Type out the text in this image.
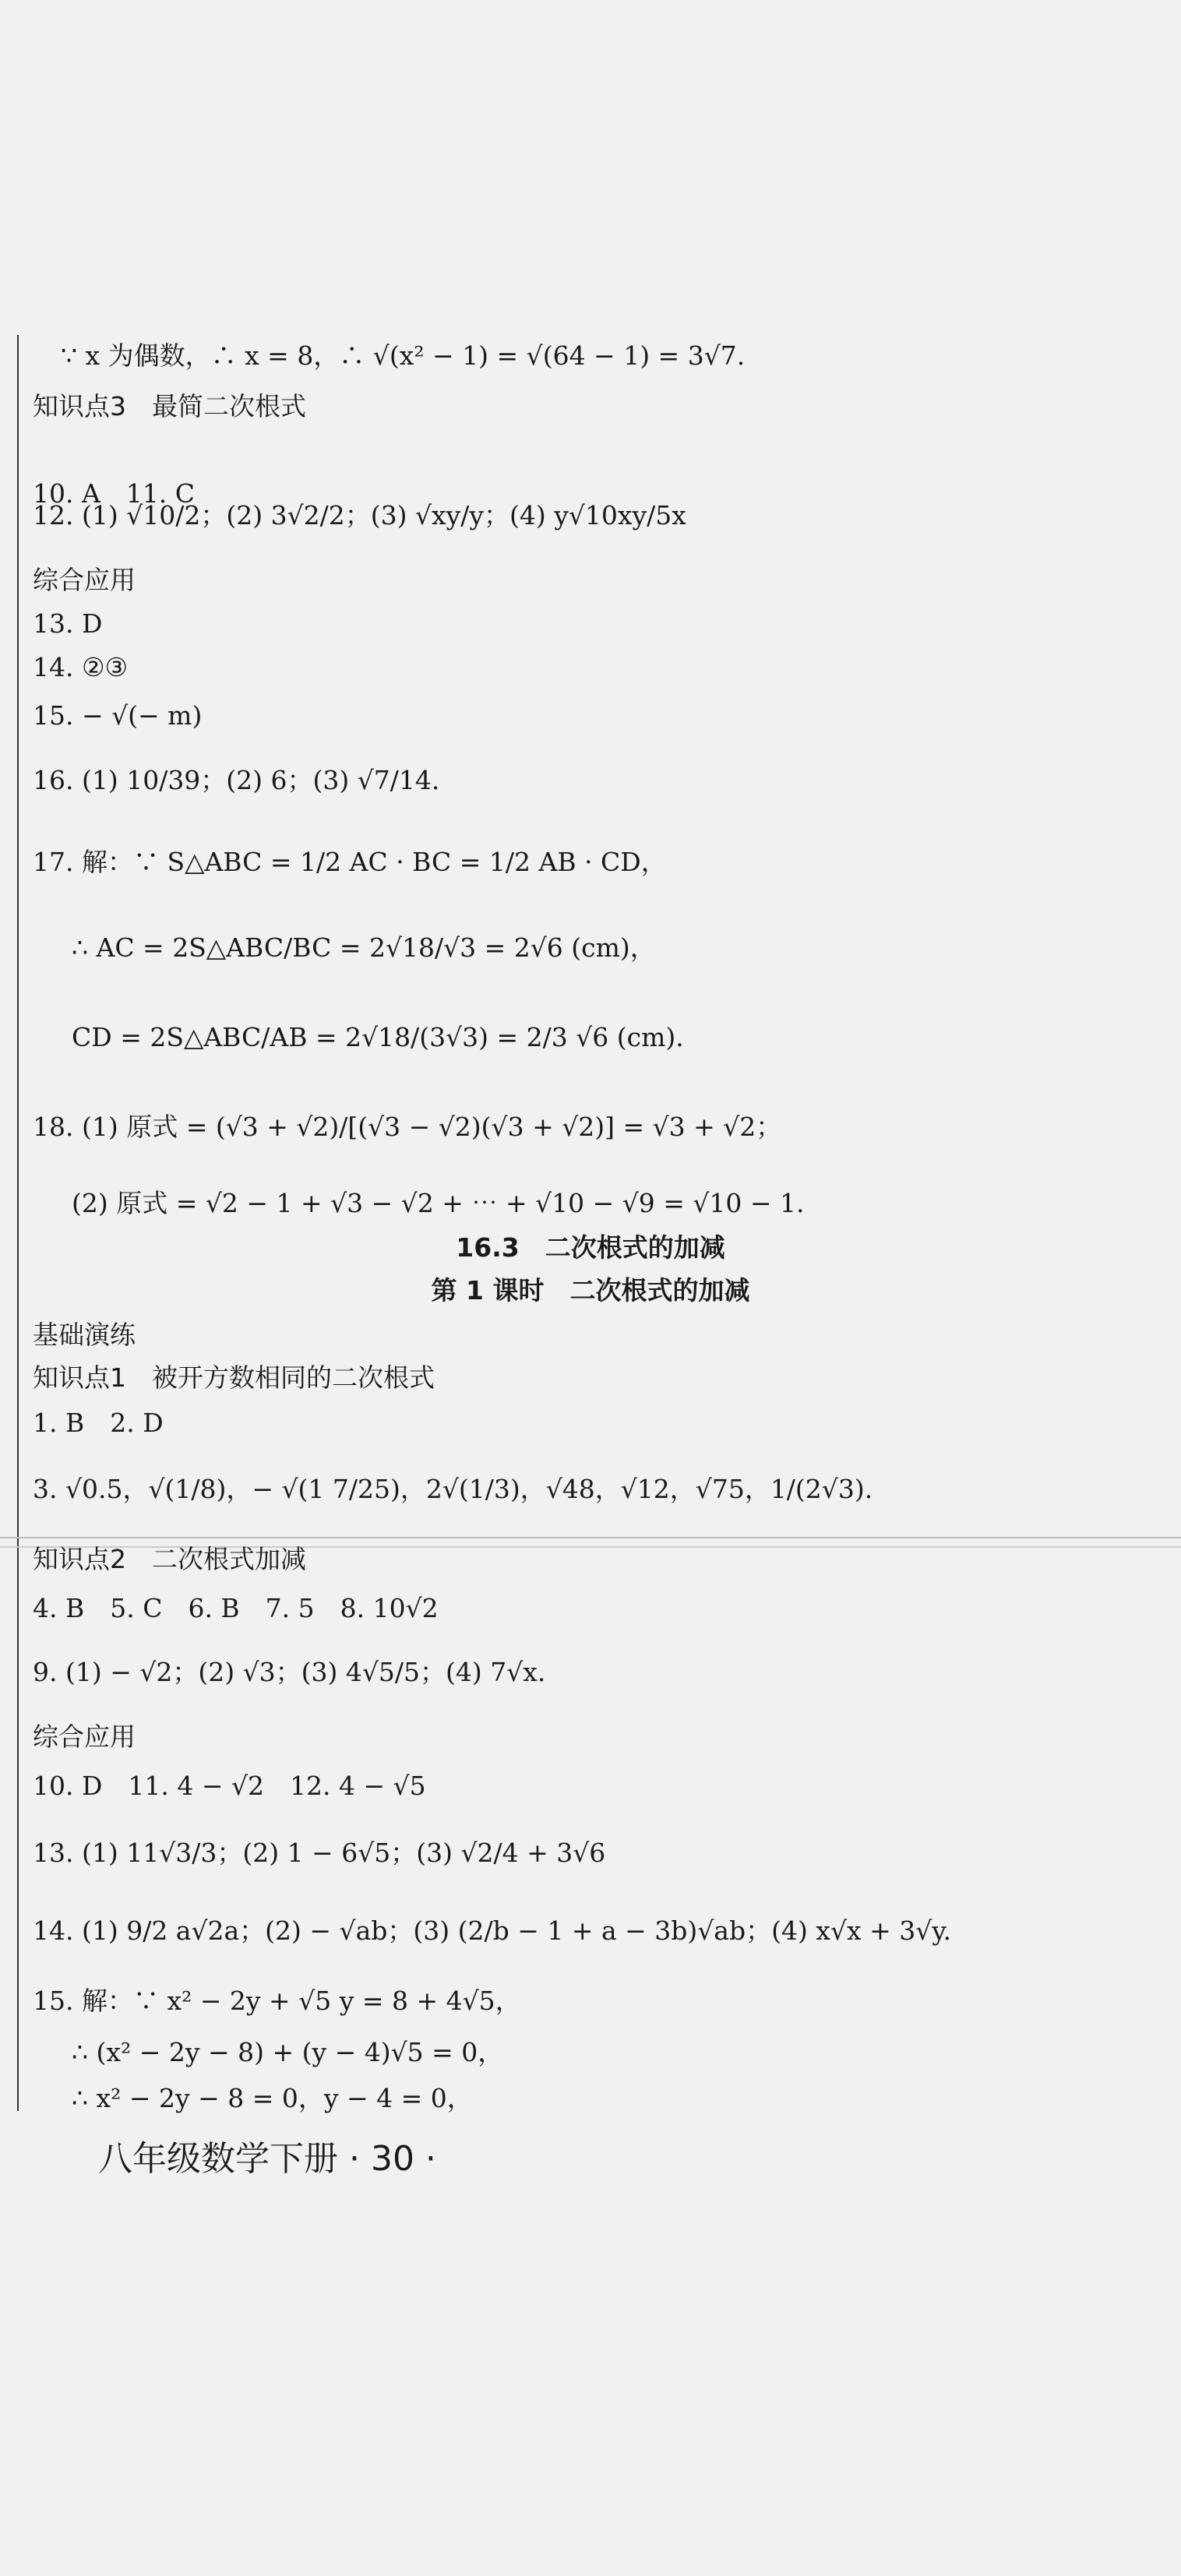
∵ x 为偶数，∴ x = 8，∴ √(x² − 1) = √(64 − 1) = 3√7.
知识点3　最简二次根式
10. A　11. C
12. (1) √10/2；(2) 3√2/2；(3) √xy/y；(4) y√10xy/5x
综合应用
13. D
14. ②③
15. − √(− m)
16. (1) 10/39；(2) 6；(3) √7/14.
17. 解：∵ S△ABC = 1/2 AC · BC = 1/2 AB · CD，
∴ AC = 2S△ABC/BC = 2√18/√3 = 2√6 (cm)，
CD = 2S△ABC/AB = 2√18/(3√3) = 2/3 √6 (cm).
18. (1) 原式 = (√3 + √2)/[(√3 − √2)(√3 + √2)] = √3 + √2；
(2) 原式 = √2 − 1 + √3 − √2 + ⋯ + √10 − √9 = √10 − 1.
16.3　二次根式的加减
第 1 课时　二次根式的加减
基础演练
知识点1　被开方数相同的二次根式
1. B　2. D
3. √0.5，√(1/8)，− √(1 7/25)，2√(1/3)，√48，√12，√75，1/(2√3).
知识点2　二次根式加减
4. B　5. C　6. B　7. 5　8. 10√2
9. (1) − √2；(2) √3；(3) 4√5/5；(4) 7√x.
综合应用
10. D　11. 4 − √2　12. 4 − √5
13. (1) 11√3/3；(2) 1 − 6√5；(3) √2/4 + 3√6
14. (1) 9/2 a√2a；(2) − √ab；(3) (2/b − 1 + a − 3b)√ab；(4) x√x + 3√y.
15. 解：∵ x² − 2y + √5 y = 8 + 4√5，
∴ (x² − 2y − 8) + (y − 4)√5 = 0，
∴ x² − 2y − 8 = 0，y − 4 = 0，
八年级数学下册 · 30 ·
